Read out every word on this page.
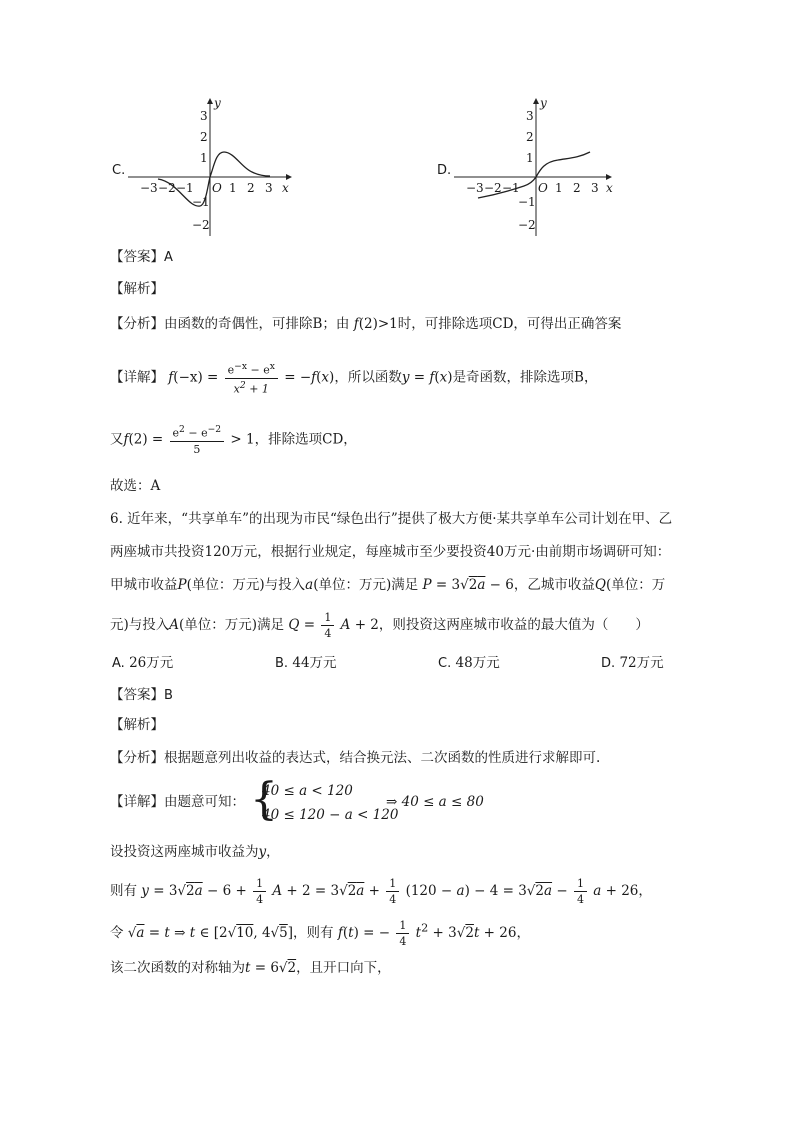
C.
y
3
2
1
−1
−2
−3 −2 −1 O 1 2 3 x
D.
y
3
2
1
−1
−2
−3 −2 −1 O 1 2 3 x
【答案】A
【解析】
【分析】由函数的奇偶性，可排除B；由 f(2)>1时，可排除选项CD，可得出正确答案
【详解】 $f(-x) = \frac{e^{-x} - e^x}{x^2 + 1} = -f(x)$，所以函数y = f(x)是奇函数，排除选项B，
又$f(2) = \frac{e^2 - e^{-2}}{5} > 1$，排除选项CD，
故选：A
6. 近年来，“共享单车”的出现为市民“绿色出行”提供了极大方便·某共享单车公司计划在甲、乙
两座城市共投资120万元，根据行业规定，每座城市至少要投资40万元·由前期市场调研可知：
甲城市收益P(单位：万元)与投入a(单位：万元)满足 P = 3√2a − 6，乙城市收益Q(单位：万
元)与投入A(单位：万元)满足 $Q = \frac{1}{4}$ A + 2，则投资这两座城市收益的最大值为（　　）
A. 26万元	B. 44万元	C. 48万元	D. 72万元
【答案】B
【解析】
【分析】根据题意列出收益的表达式，结合换元法、二次函数的性质进行求解即可.
【详解】由题意可知： {
40 ≤ a < 120
40 ≤ 120 − a < 120
⇒ 40 ≤ a ≤ 80
设投资这两座城市收益为y，
则有 $y = 3√2a - 6 + \frac{1}{4}$ $A + 2 = 3√2a + \frac{1}{4} (120 - a) - 4 = 3√2a - \frac{1}{4}$ a + 26，
令 √a = t ⇒ t ∈ [2√10, 4√5]，则有 f(t) = − $\frac{1}{4} t^2 + 3√2t + 26$，
该二次函数的对称轴为t = 6√2，且开口向下，
